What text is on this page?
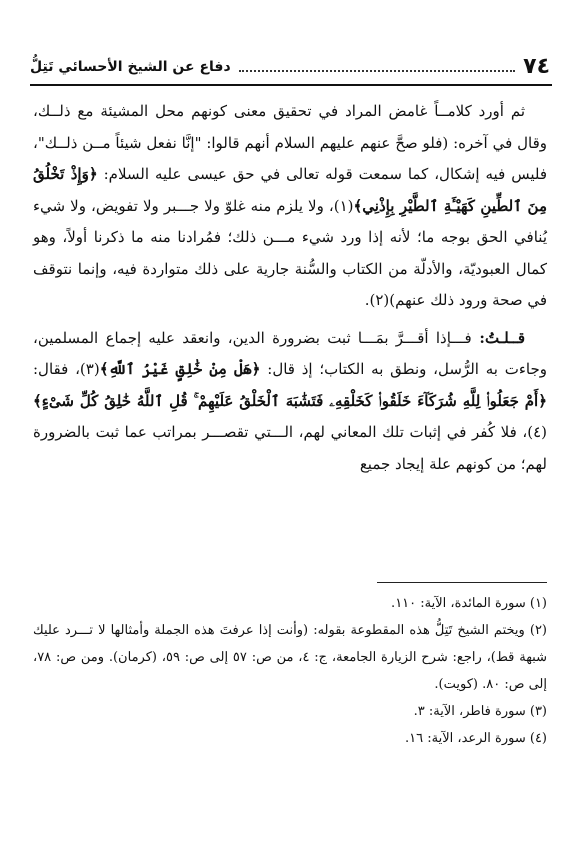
٧٤
دفاع عن الشيخ الأحسائي تَتِلُّ

ثم أورد كلامــاً غامض المراد في تحقيق معنى كونهم محل المشيئة مع ذلــك، وقال في آخره: (فلو صحَّ عنهم عليهم السلام أنهم قالوا: "إنَّا نفعل شيئاً مــن ذلــك"، فليس فيه إشكال، كما سمعت قوله تعالى في حق عيسى عليه السلام: ﴿وَإِذْ تَخْلُقُ مِنَ ٱلطِّينِ كَهَيْـَٔةِ ٱلطَّيْرِ بِإِذْنِي﴾(١)، ولا يلزم منه غلوّ ولا جـــبر ولا تفويض، ولا شيء يُنافي الحق بوجه ما؛ لأنه إذا ورد شيء مـــن ذلك؛ فمُرادنا منه ما ذكرنا أولاً، وهو كمال العبوديّة، والأدلّة من الكتاب والسُّنة جارية على ذلك متواردة فيه، وإنما نتوقف في صحة ورود ذلك عنهم)(٢).

قــلـتُ: فـــإذا أقـــرَّ بمَـــا ثبت بضرورة الدين، وانعقد عليه إجماع المسلمين، وجاءت به الرُّسل، ونطق به الكتاب؛ إذ قال: ﴿هَلْ مِنْ خَٰلِقٍ غَيْرُ ٱللَّهِ﴾(٣)، فقال: ﴿أَمْ جَعَلُوا۟ لِلَّهِ شُرَكَآءَ خَلَقُوا۟ كَخَلْقِهِۦ فَتَشَٰبَهَ ٱلْخَلْقُ عَلَيْهِمْ ۚ قُلِ ٱللَّهُ خَٰلِقُ كُلِّ شَىْءٍ﴾(٤)، فلا كُفر في إثبات تلك المعاني لهم، الـــتي تقصـــر بمراتب عما ثبت بالضرورة لهم؛ من كونهم علة إيجاد جميع

(١) سورة المائدة، الآية: ١١٠.

(٢) ويختم الشيخ تَتِلُّ هذه المقطوعة بقوله: (وأنت إذا عرفتَ هذه الجملة وأمثالها لا تـــرد عليك شبهة قط)، راجع: شرح الزيارة الجامعة، ج: ٤، من ص: ٥٧ إلى ص: ٥٩، (كرمان). ومن ص: ٧٨، إلى ص: ٨٠. (كويت).

(٣) سورة فاطر، الآية: ٣.

(٤) سورة الرعد، الآية: ١٦.
